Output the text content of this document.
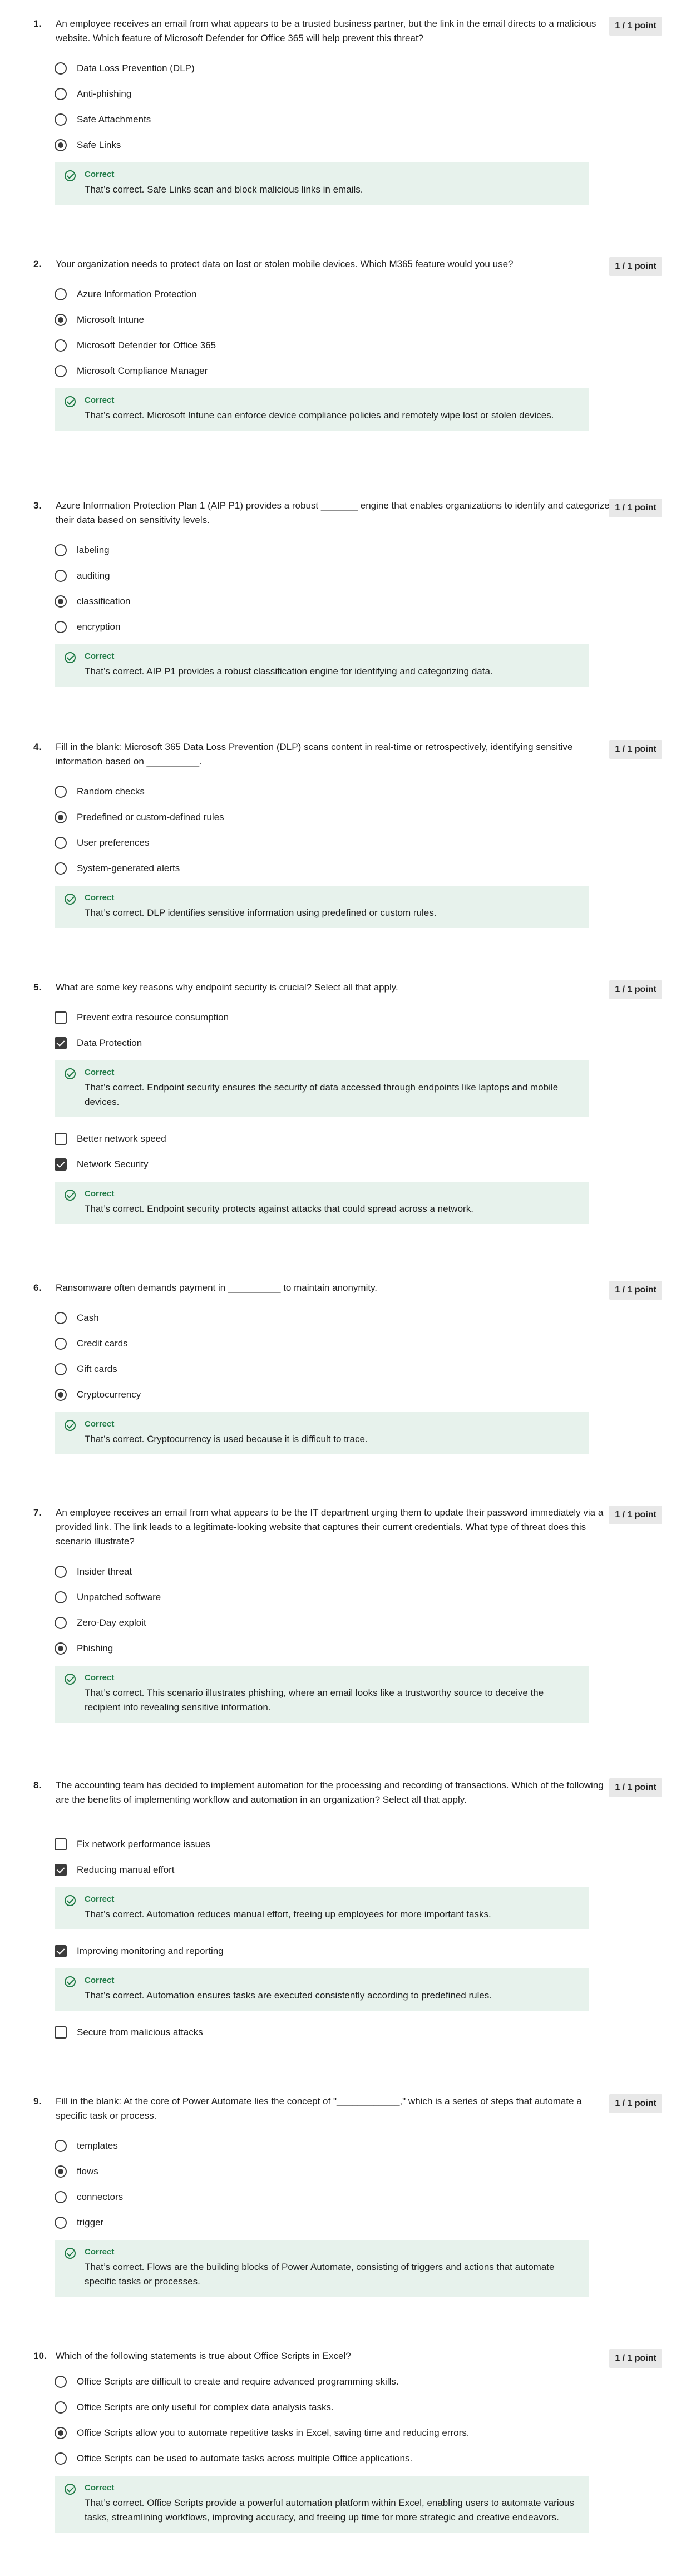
1. An employee receives an email from what appears to be a trusted business partner, but the link in the email directs to a malicious website. Which feature of Microsoft Defender for Office 365 will help prevent this threat?
1 / 1 point
Data Loss Prevention (DLP)
Anti-phishing
Safe Attachments
Safe Links
Correct
That’s correct. Safe Links scan and block malicious links in emails.
2. Your organization needs to protect data on lost or stolen mobile devices. Which M365 feature would you use?	1 / 1 point
Azure Information Protection
Microsoft Intune
Microsoft Defender for Office 365
Microsoft Compliance Manager
Correct
That’s correct. Microsoft Intune can enforce device compliance policies and remotely wipe lost or stolen devices.
3. Azure Information Protection Plan 1 (AIP P1) provides a robust _______ engine that enables organizations to identify and categorize their data based on sensitivity levels.
1 / 1 point
labeling
auditing
classification
encryption
Correct
That’s correct. AIP P1 provides a robust classification engine for identifying and categorizing data.
4. Fill in the blank: Microsoft 365 Data Loss Prevention (DLP) scans content in real-time or retrospectively, identifying sensitive information based on __________.
1 / 1 point
Random checks
Predefined or custom-defined rules
User preferences
System-generated alerts
Correct
That’s correct. DLP identifies sensitive information using predefined or custom rules.
5. What are some key reasons why endpoint security is crucial? Select all that apply.	1 / 1 point
Prevent extra resource consumption
Data Protection
Correct
That’s correct. Endpoint security ensures the security of data accessed through endpoints like laptops and mobile devices.
Better network speed
Network Security
Correct
That’s correct. Endpoint security protects against attacks that could spread across a network.
6. Ransomware often demands payment in __________ to maintain anonymity.	1 / 1 point
Cash
Credit cards
Gift cards
Cryptocurrency
Correct
That’s correct. Cryptocurrency is used because it is difficult to trace.
7. An employee receives an email from what appears to be the IT department urging them to update their password immediately via a provided link. The link leads to a legitimate-looking website that captures their current credentials. What type of threat does this scenario illustrate?
1 / 1 point
Insider threat
Unpatched software
Zero-Day exploit
Phishing
Correct
That’s correct. This scenario illustrates phishing, where an email looks like a trustworthy source to deceive the recipient into revealing sensitive information.
8. The accounting team has decided to implement automation for the processing and recording of transactions. Which of the following are the benefits of implementing workflow and automation in an organization? Select all that apply.
1 / 1 point
Fix network performance issues
Reducing manual effort
Correct
That’s correct. Automation reduces manual effort, freeing up employees for more important tasks.
Improving monitoring and reporting
Correct
That’s correct. Automation ensures tasks are executed consistently according to predefined rules.
Secure from malicious attacks
9. Fill in the blank: At the core of Power Automate lies the concept of "____________," which is a series of steps that automate a specific task or process.
1 / 1 point
templates
flows
connectors
trigger
Correct
That’s correct. Flows are the building blocks of Power Automate, consisting of triggers and actions that automate specific tasks or processes.
10. Which of the following statements is true about Office Scripts in Excel?	1 / 1 point
Office Scripts are difficult to create and require advanced programming skills.
Office Scripts are only useful for complex data analysis tasks.
Office Scripts allow you to automate repetitive tasks in Excel, saving time and reducing errors.
Office Scripts can be used to automate tasks across multiple Office applications.
Correct
That’s correct. Office Scripts provide a powerful automation platform within Excel, enabling users to automate various tasks, streamlining workflows, improving accuracy, and freeing up time for more strategic and creative endeavors.
